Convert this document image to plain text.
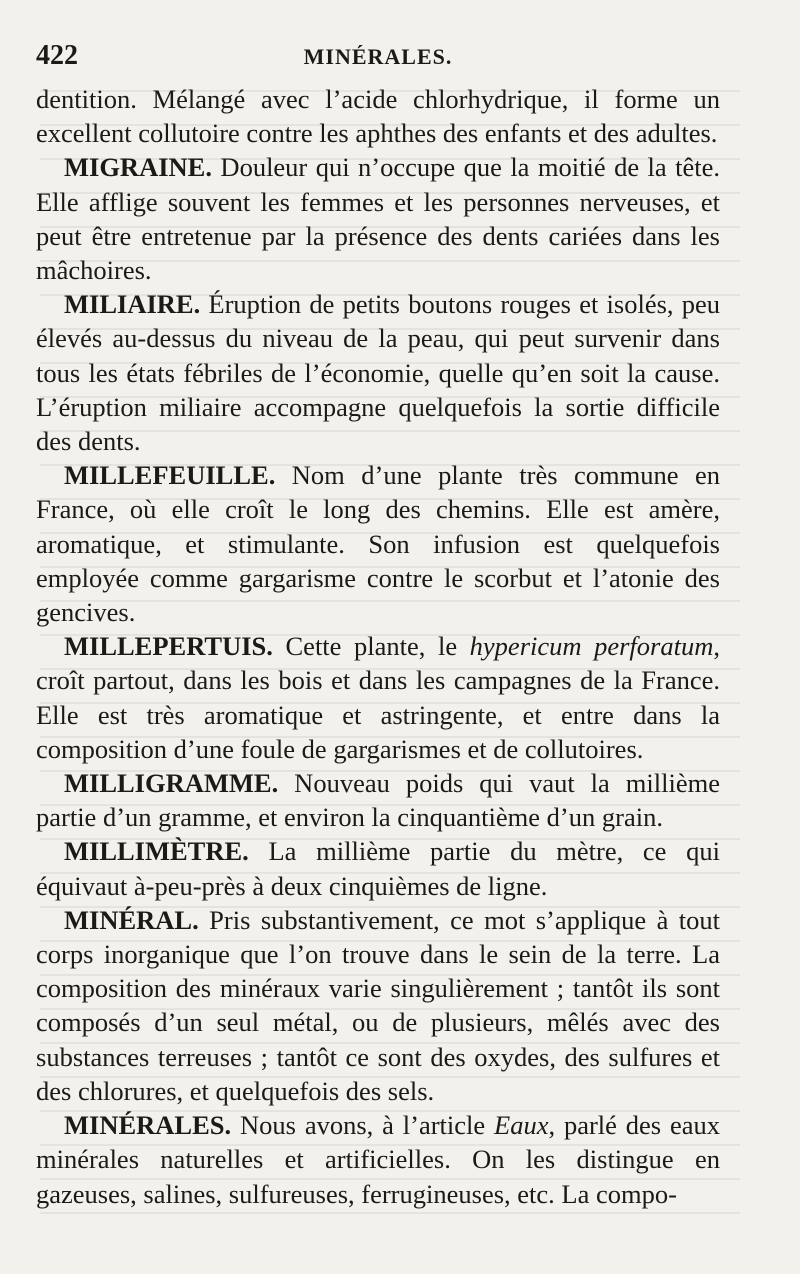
422	MINÉRALES.

dentition. Mélangé avec l’acide chlorhydrique, il forme un excellent collutoire contre les aphthes des enfants et des adultes.

MIGRAINE. Douleur qui n’occupe que la moitié de la tête. Elle afflige souvent les femmes et les personnes nerveuses, et peut être entretenue par la présence des dents cariées dans les mâchoires.

MILIAIRE. Éruption de petits boutons rouges et isolés, peu élevés au-dessus du niveau de la peau, qui peut survenir dans tous les états fébriles de l’économie, quelle qu’en soit la cause. L’éruption miliaire accompagne quelquefois la sortie difficile des dents.

MILLEFEUILLE. Nom d’une plante très commune en France, où elle croît le long des chemins. Elle est amère, aromatique, et stimulante. Son infusion est quelquefois employée comme gargarisme contre le scorbut et l’atonie des gencives.

MILLEPERTUIS. Cette plante, le hypericum perforatum, croît partout, dans les bois et dans les campagnes de la France. Elle est très aromatique et astringente, et entre dans la composition d’une foule de gargarismes et de collutoires.

MILLIGRAMME. Nouveau poids qui vaut la millième partie d’un gramme, et environ la cinquantième d’un grain.

MILLIMÈTRE. La millième partie du mètre, ce qui équivaut à-peu-près à deux cinquièmes de ligne.

MINÉRAL. Pris substantivement, ce mot s’applique à tout corps inorganique que l’on trouve dans le sein de la terre. La composition des minéraux varie singulièrement ; tantôt ils sont composés d’un seul métal, ou de plusieurs, mêlés avec des substances terreuses ; tantôt ce sont des oxydes, des sulfures et des chlorures, et quelquefois des sels.

MINÉRALES. Nous avons, à l’article Eaux, parlé des eaux minérales naturelles et artificielles. On les distingue en gazeuses, salines, sulfureuses, ferrugineuses, etc. La compo-
